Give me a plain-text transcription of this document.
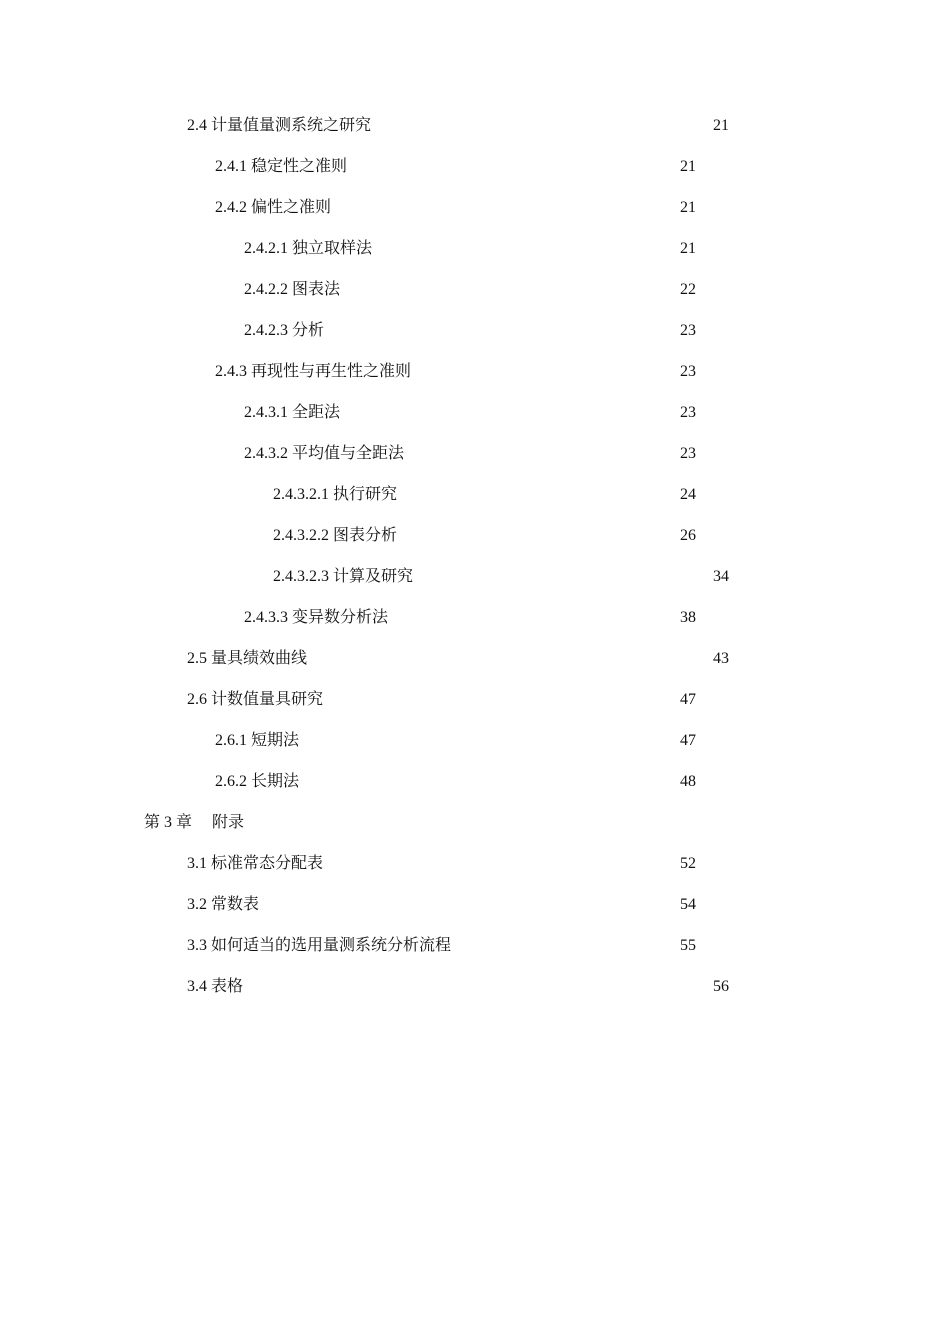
2.4 计量值量测系统之研究	21
2.4.1 稳定性之准则	21
2.4.2 偏性之准则	21
2.4.2.1 独立取样法	21
2.4.2.2 图表法	22
2.4.2.3 分析	23
2.4.3 再现性与再生性之准则	23
2.4.3.1 全距法	23
2.4.3.2 平均值与全距法	23
2.4.3.2.1 执行研究	24
2.4.3.2.2 图表分析	26
2.4.3.2.3 计算及研究	34
2.4.3.3 变异数分析法	38
2.5 量具绩效曲线	43
2.6 计数值量具研究	47
2.6.1 短期法	47
2.6.2 长期法	48
第 3 章　 附录
3.1 标准常态分配表	52
3.2 常数表	54
3.3 如何适当的选用量测系统分析流程	55
3.4 表格	56
